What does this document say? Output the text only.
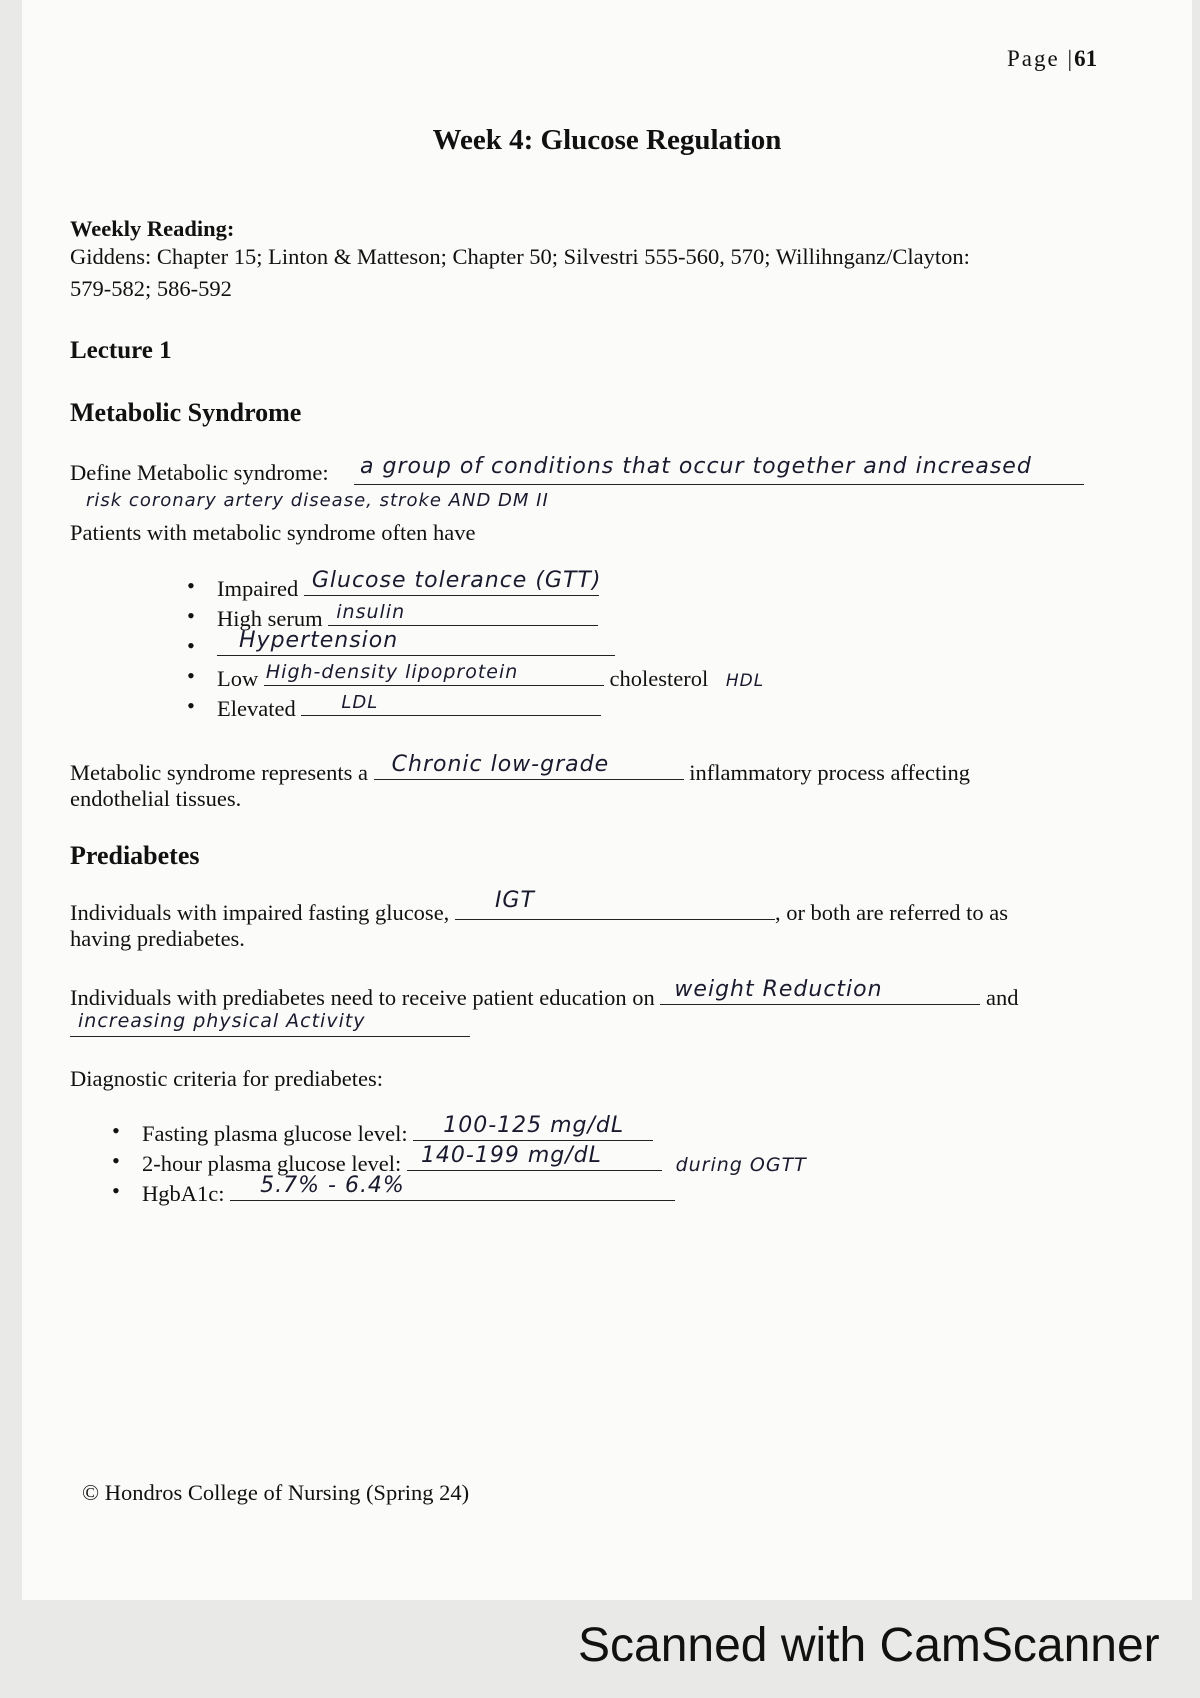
Page |61
Week 4: Glucose Regulation
Weekly Reading:
Giddens: Chapter 15; Linton & Matteson; Chapter 50; Silvestri 555-560, 570; Willihnganz/Clayton:
579-582; 586-592
Lecture 1
Metabolic Syndrome
Define Metabolic syndrome: a group of conditions that occur together and increased
risk coronary artery disease, stroke AND DM II
Patients with metabolic syndrome often have
• Impaired Glucose tolerance (GTT)
• High serum insulin
• Hypertension
• Low High-density lipoprotein	cholesterol HDL
• Elevated	LDL
Metabolic syndrome represents a Chronic low-grade	inflammatory process affecting
endothelial tissues.
Prediabetes
Individuals with impaired fasting glucose, IGT	, or both are referred to as
having prediabetes.
Individuals with prediabetes need to receive patient education on weight Reduction	and
increasing physical Activity
Diagnostic criteria for prediabetes:
• Fasting plasma glucose level: 100-125 mg/dL
• 2-hour plasma glucose level: 140-199 mg/dL	during OGTT
• HgbA1c: 5.7% - 6.4%
© Hondros College of Nursing (Spring 24)
Scanned with CamScanner
